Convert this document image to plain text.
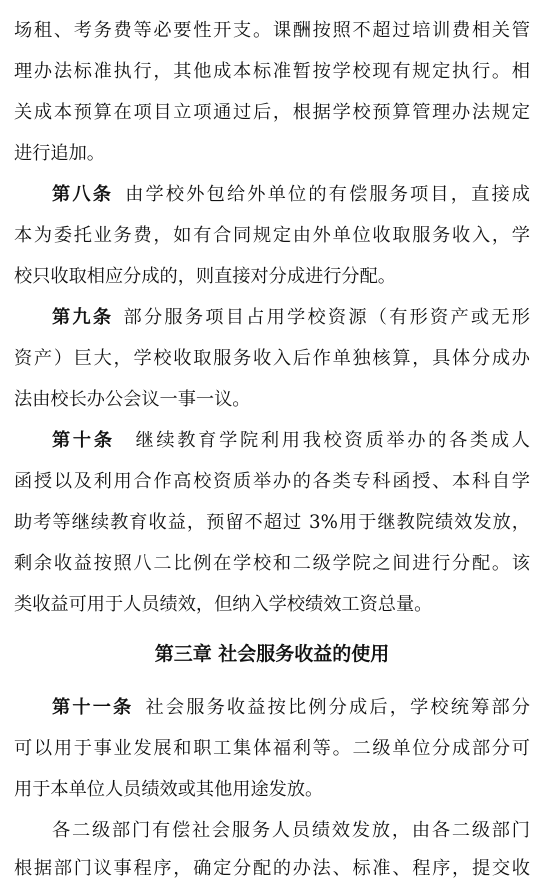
场租、考务费等必要性开支。课酬按照不超过培训费相关管
理办法标准执行，其他成本标准暂按学校现有规定执行。相
关成本预算在项目立项通过后，根据学校预算管理办法规定
进行追加。
第八条 由学校外包给外单位的有偿服务项目，直接成
本为委托业务费，如有合同规定由外单位收取服务收入，学
校只收取相应分成的，则直接对分成进行分配。
第九条 部分服务项目占用学校资源（有形资产或无形
资产）巨大，学校收取服务收入后作单独核算，具体分成办
法由校长办公会议一事一议。
第十条 继续教育学院利用我校资质举办的各类成人
函授以及利用合作高校资质举办的各类专科函授、本科自学
助考等继续教育收益，预留不超过 3%用于继教院绩效发放，
剩余收益按照八二比例在学校和二级学院之间进行分配。该
类收益可用于人员绩效，但纳入学校绩效工资总量。
第三章 社会服务收益的使用
第十一条 社会服务收益按比例分成后，学校统筹部分
可以用于事业发展和职工集体福利等。二级单位分成部分可
用于本单位人员绩效或其他用途发放。
各二级部门有偿社会服务人员绩效发放，由各二级部门
根据部门议事程序，确定分配的办法、标准、程序，提交收
